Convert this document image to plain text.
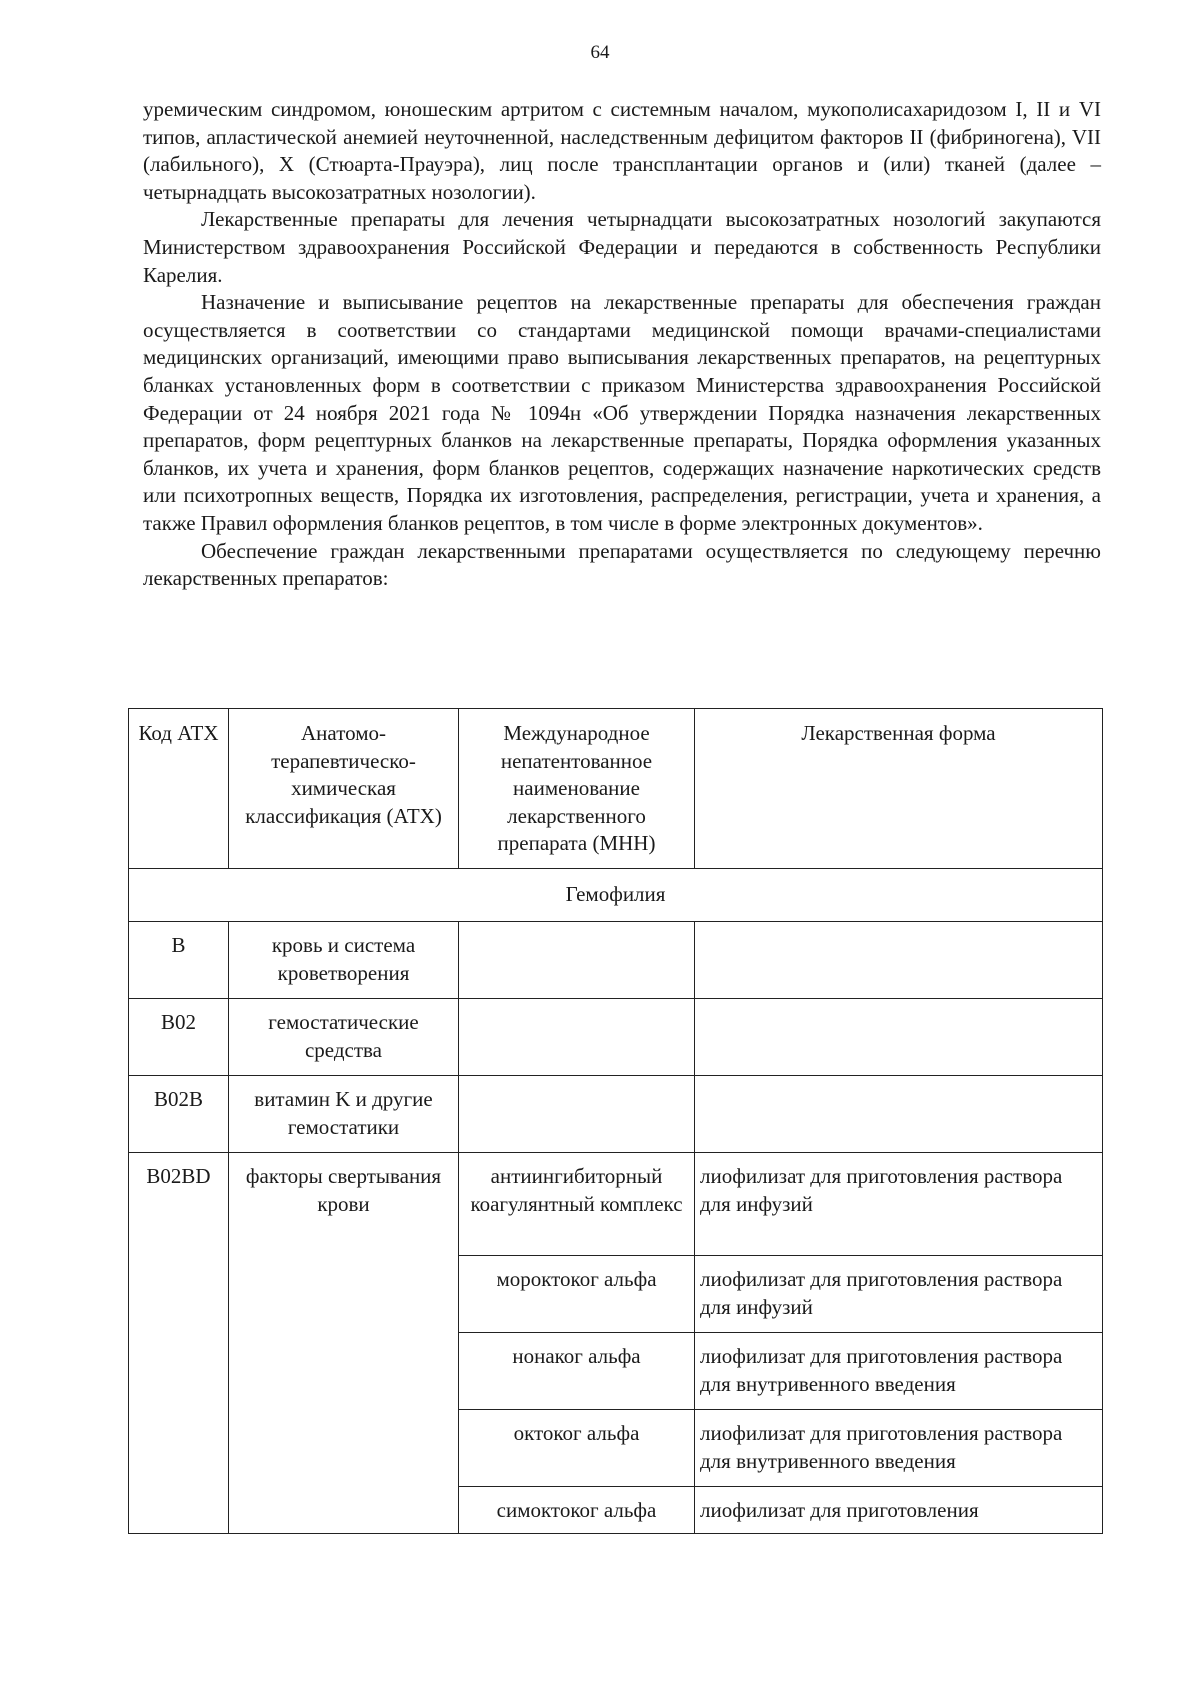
64

уремическим синдромом, юношеским артритом с системным началом, мукополисахаридозом I, II и VI типов, апластической анемией неуточненной, наследственным дефицитом факторов II (фибриногена), VII (лабильного), X (Стюарта-Прауэра), лиц после трансплантации органов и (или) тканей (далее – четырнадцать высокозатратных нозологии).

Лекарственные препараты для лечения четырнадцати высокозатратных нозологий закупаются Министерством здравоохранения Российской Федерации и передаются в собственность Республики Карелия.

Назначение и выписывание рецептов на лекарственные препараты для обеспечения граждан осуществляется в соответствии со стандартами медицинской помощи врачами-специалистами медицинских организаций, имеющими право выписывания лекарственных препаратов, на рецептурных бланках установленных форм в соответствии с приказом Министерства здравоохранения Российской Федерации от 24 ноября 2021 года № 1094н «Об утверждении Порядка назначения лекарственных препаратов, форм рецептурных бланков на лекарственные препараты, Порядка оформления указанных бланков, их учета и хранения, форм бланков рецептов, содержащих назначение наркотических средств или психотропных веществ, Порядка их изготовления, распределения, регистрации, учета и хранения, а также Правил оформления бланков рецептов, в том числе в форме электронных документов».

Обеспечение граждан лекарственными препаратами осуществляется по следующему перечню лекарственных препаратов:

Код АТХ	Анатомо-терапевтическо-химическая классификация (АТХ)	Международное непатентованное наименование лекарственного препарата (МНН)	Лекарственная форма
Гемофилия			
B	кровь и система кроветворения		
B02	гемостатические средства		
B02B	витамин K и другие гемостатики		
B02BD	факторы свертывания крови	антиингибиторный коагулянтный комплекс	лиофилизат для приготовления раствора для инфузий
		мороктоког альфа	лиофилизат для приготовления раствора для инфузий
		нонаког альфа	лиофилизат для приготовления раствора для внутривенного введения
		октоког альфа	лиофилизат для приготовления раствора для внутривенного введения
		симоктоког альфа	лиофилизат для приготовления
